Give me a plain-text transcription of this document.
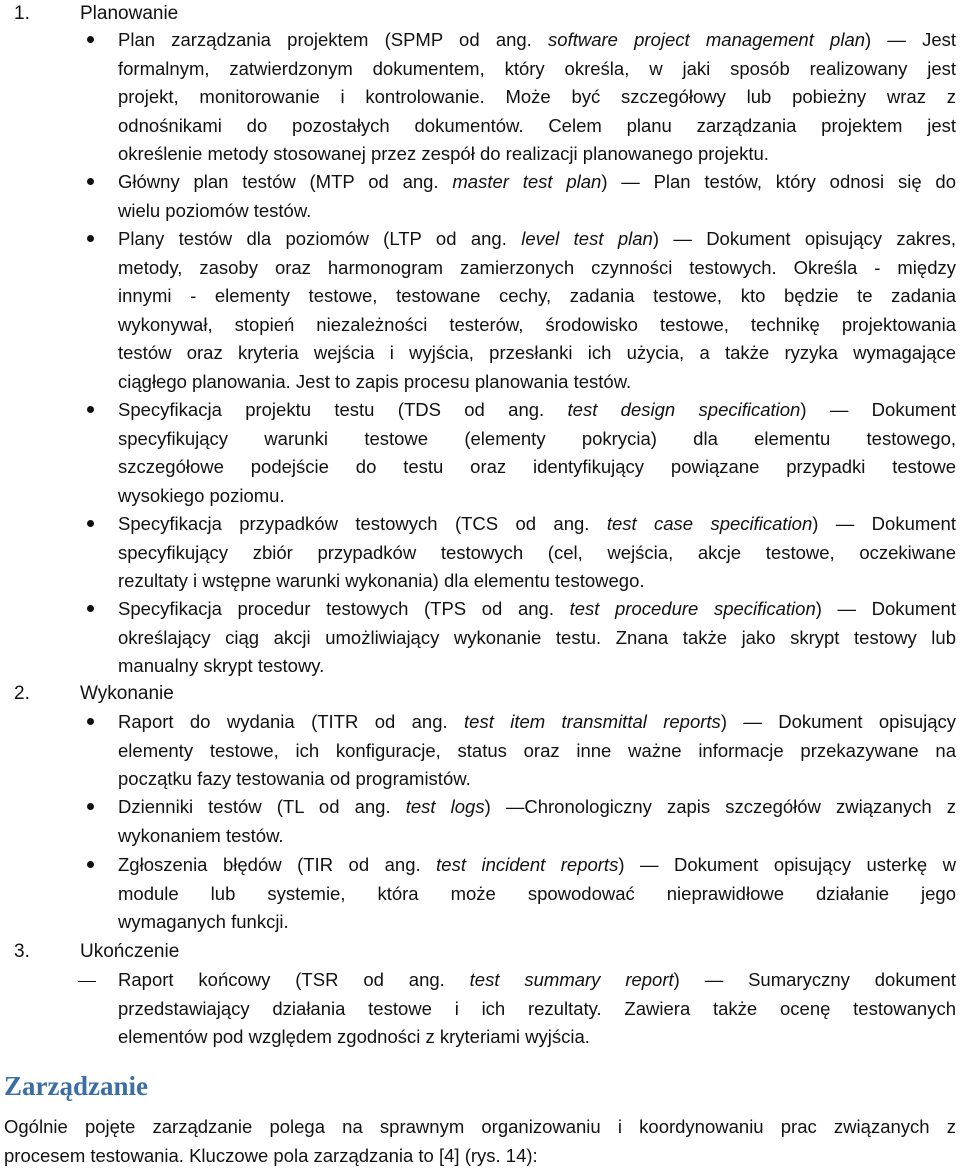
1.	Planowanie
2.	Wykonanie
3.	Ukończenie
Plan zarządzania projektem (SPMP od ang. software project management plan) ― Jest
formalnym, zatwierdzonym dokumentem, który określa, w jaki sposób realizowany jest
projekt, monitorowanie i kontrolowanie. Może być szczegółowy lub pobieżny wraz z
odnośnikami do pozostałych dokumentów. Celem planu zarządzania projektem jest
określenie metody stosowanej przez zespół do realizacji planowanego projektu.
Główny plan testów (MTP od ang. master test plan) ― Plan testów, który odnosi się do
wielu poziomów testów.
Plany testów dla poziomów (LTP od ang. level test plan) ― Dokument opisujący zakres,
metody, zasoby oraz harmonogram zamierzonych czynności testowych. Określa - między
innymi - elementy testowe, testowane cechy, zadania testowe, kto będzie te zadania
wykonywał, stopień niezależności testerów, środowisko testowe, technikę projektowania
testów oraz kryteria wejścia i wyjścia, przesłanki ich użycia, a także ryzyka wymagające
ciągłego planowania. Jest to zapis procesu planowania testów.
Specyfikacja projektu testu (TDS od ang. test design specification) ― Dokument
specyfikujący warunki testowe (elementy pokrycia) dla elementu testowego,
szczegółowe podejście do testu oraz identyfikujący powiązane przypadki testowe
wysokiego poziomu.
Specyfikacja przypadków testowych (TCS od ang. test case specification) ― Dokument
specyfikujący zbiór przypadków testowych (cel, wejścia, akcje testowe, oczekiwane
rezultaty i wstępne warunki wykonania) dla elementu testowego.
Specyfikacja procedur testowych (TPS od ang. test procedure specification) ― Dokument
określający ciąg akcji umożliwiający wykonanie testu. Znana także jako skrypt testowy lub
manualny skrypt testowy.
Raport do wydania (TITR od ang. test item transmittal reports) ― Dokument opisujący
elementy testowe, ich konfiguracje, status oraz inne ważne informacje przekazywane na
początku fazy testowania od programistów.
Dzienniki testów (TL od ang. test logs) ―Chronologiczny zapis szczegółów związanych z
wykonaniem testów.
Zgłoszenia błędów (TIR od ang. test incident reports) ― Dokument opisujący usterkę w
module lub systemie, która może spowodować nieprawidłowe działanie jego
wymaganych funkcji.
Raport końcowy (TSR od ang. test summary report) ― Sumaryczny dokument
przedstawiający działania testowe i ich rezultaty. Zawiera także ocenę testowanych
elementów pod względem zgodności z kryteriami wyjścia.
Zarządzanie
Ogólnie pojęte zarządzanie polega na sprawnym organizowaniu i koordynowaniu prac związanych z
procesem testowania. Kluczowe pola zarządzania to [4] (rys. 14):
